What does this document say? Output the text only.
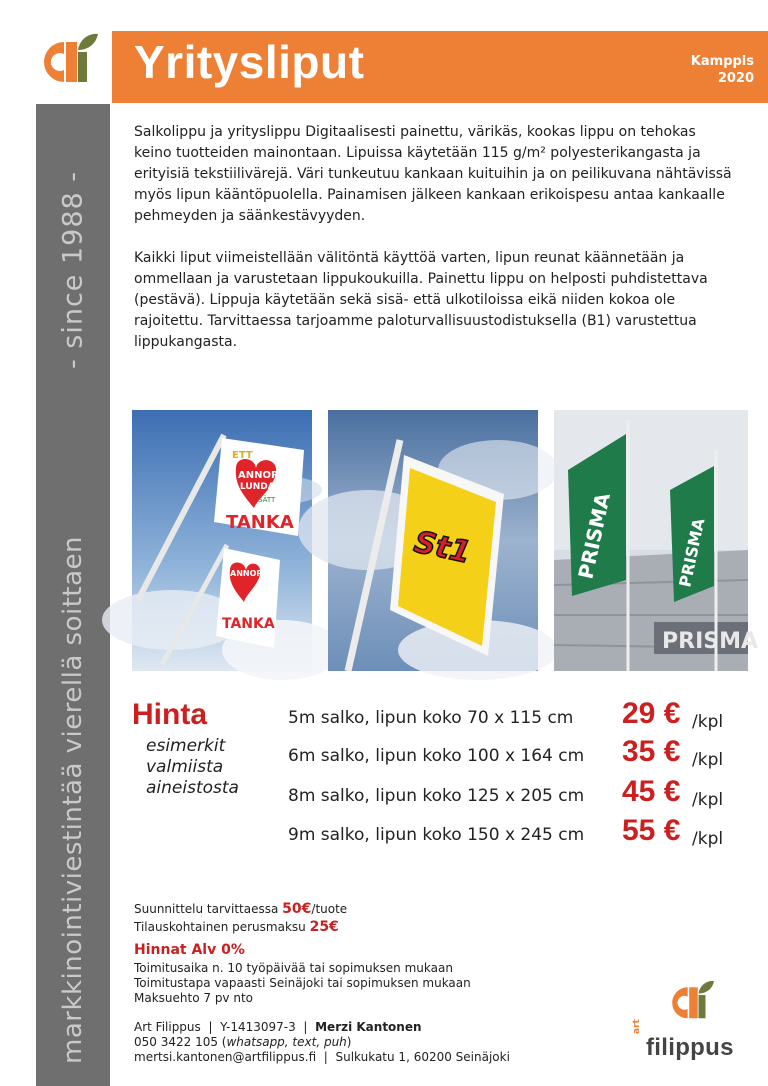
Yritysliput	Kamppis
2020
- since 1988 -
markkinointiviestintää vierellä soittaen

Salkolippu ja yrityslippu Digitaalisesti painettu, värikäs, kookas lippu on tehokas keino tuotteiden mainontaan. Lipuissa käytetään 115 g/m² polyesterikangasta ja erityisiä tekstiilivärejä. Väri tunkeutuu kankaan kuituihin ja on peilikuvana nähtävissä myös lipun kääntöpuolella. Painamisen jälkeen kankaan erikoispesu antaa kankaalle pehmeyden ja säänkestävyyden.

Kaikki liput viimeistellään välitöntä käyttöä varten, lipun reunat käännetään ja ommellaan ja varustetaan lippukoukuilla. Painettu lippu on helposti puhdistettava (pestävä). Lippuja käytetään sekä sisä- että ulkotiloissa eikä niiden kokoa ole rajoitettu. Tarvittaessa tarjoamme paloturvallisuustodistuksella (B1) varustettua lippukangasta.

ETT
ANNOR
LUNDA
SÄTT
TANKA
ANNOR
TANKA
St1
PRISMA
PRISMA	PRISMA
Hinta
esimerkit
valmiista
aineistosta
5m salko, lipun koko 70 x 115 cm 29 € /kpl
6m salko, lipun koko 100 x 164 cm 35 € /kpl
8m salko, lipun koko 125 x 205 cm 45 € /kpl
9m salko, lipun koko 150 x 245 cm 55 € /kpl
Suunnittelu tarvittaessa 50€/tuote
Tilauskohtainen perusmaksu 25€
Hinnat Alv 0%
Toimitusaika n. 10 työpäivää tai sopimuksen mukaan
Toimitustapa vapaasti Seinäjoki tai sopimuksen mukaan
Maksuehto 7 pv nto
Art Filippus | Y-1413097-3 | Merzi Kantonen
050 3422 105 (whatsapp, text, puh)
mertsi.kantonen@artfilippus.fi | Sulkukatu 1, 60200 Seinäjoki
art
filippus
